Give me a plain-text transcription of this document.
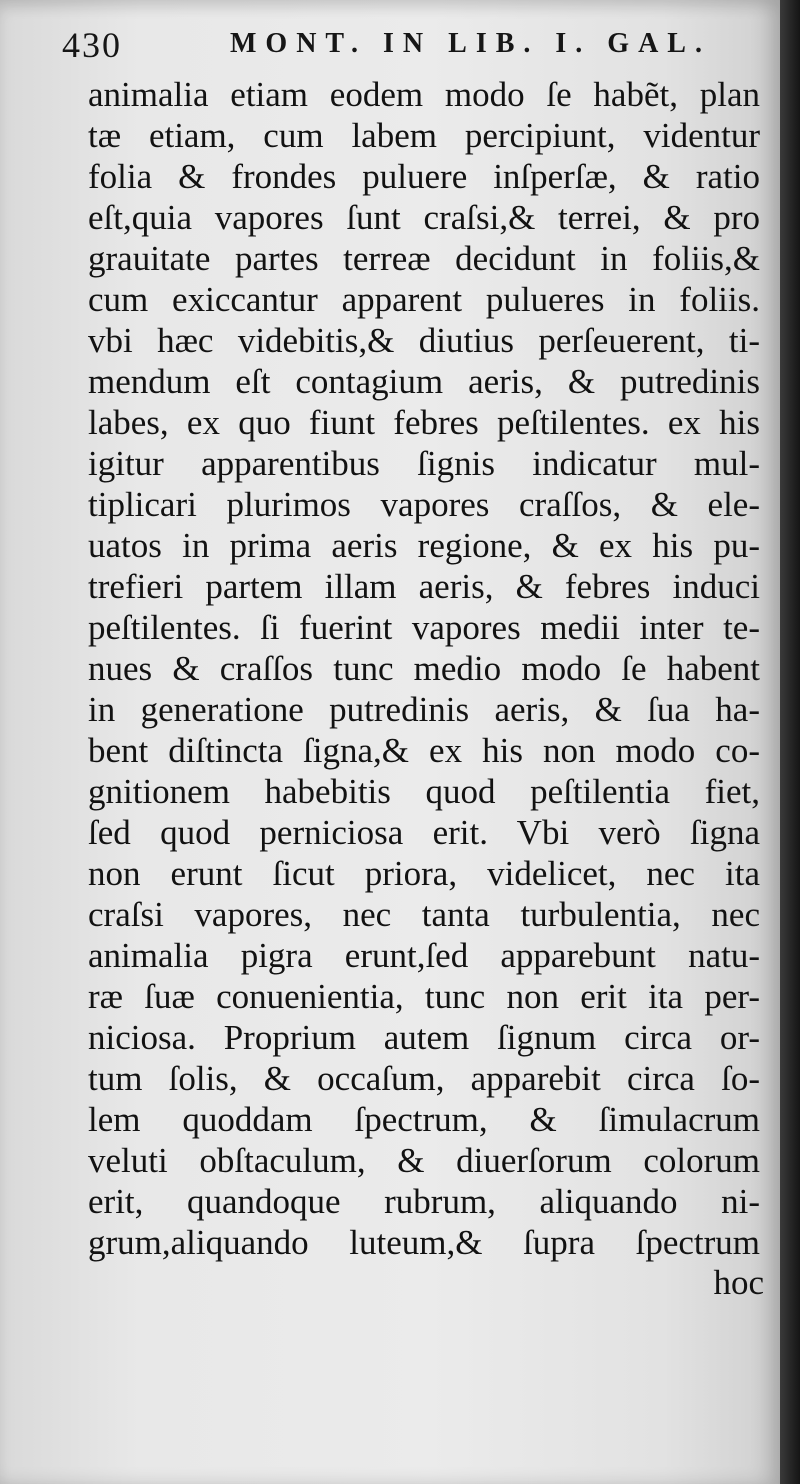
430	MONT. IN LIB. I. GAL.
animalia etiam eodem modo ſe habẽt, plan
tæ etiam, cum labem percipiunt, videntur
folia & frondes puluere inſperſæ, & ratio
eſt,quia vapores ſunt craſsi,& terrei, & pro
grauitate partes terreæ decidunt in foliis,&
cum exiccantur apparent pulueres in foliis.
vbi hæc videbitis,& diutius perſeuerent, ti-
mendum eſt contagium aeris, & putredinis
labes, ex quo fiunt febres peſtilentes. ex his
igitur apparentibus ſignis indicatur mul-
tiplicari plurimos vapores craſſos, & ele-
uatos in prima aeris regione, & ex his pu-
trefieri partem illam aeris, & febres induci
peſtilentes. ſi fuerint vapores medii inter te-
nues & craſſos tunc medio modo ſe habent
in generatione putredinis aeris, & ſua ha-
bent diſtincta ſigna,& ex his non modo co-
gnitionem habebitis quod peſtilentia fiet,
ſed quod perniciosa erit. Vbi verò ſigna
non erunt ſicut priora, videlicet, nec ita
craſsi vapores, nec tanta turbulentia, nec
animalia pigra erunt,ſed apparebunt natu-
ræ ſuæ conuenientia, tunc non erit ita per-
niciosa. Proprium autem ſignum circa or-
tum ſolis, & occaſum, apparebit circa ſo-
lem quoddam ſpectrum, & ſimulacrum
veluti obſtaculum, & diuerſorum colorum
erit, quandoque rubrum, aliquando ni-
grum,aliquando luteum,& ſupra ſpectrum
hoc
